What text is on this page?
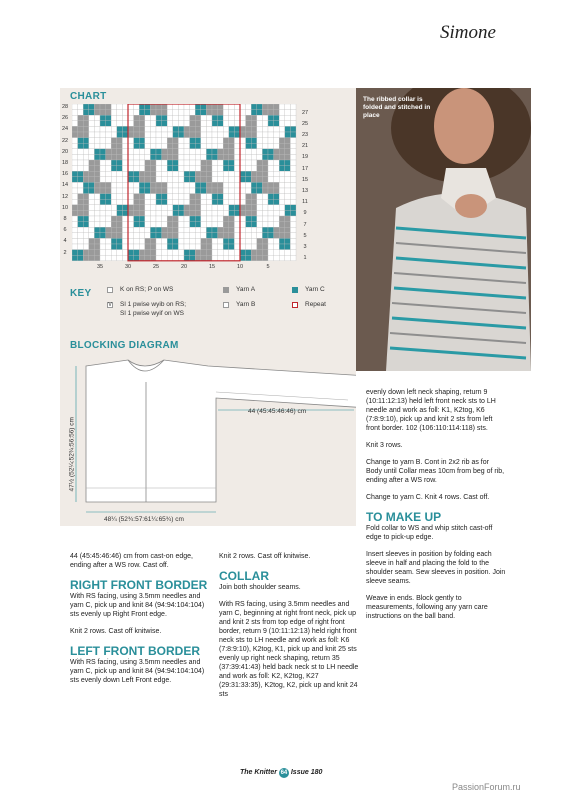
Simone
CHART
28
26
24
22
20
18
16
14
12
10
8
6
4
2
27
25
23
21
19
17
15
13
11
9
7
5
3
1
35	30	25	20	15	10	5
KEY	K on RS; P on WS
V Sl 1 pwise wyib on RS;
Sl 1 pwise wyif on WS
Yarn A
Yarn B
Yarn C
Repeat
BLOCKING DIAGRAM
44 (45:45:46:46) cm
47½ (52¼:52¾:56:56) cm
48¼ (52¾:57:61¼:65¾) cm
The ribbed collar is folded and stitched in place

44 (45:45:46:46) cm from cast-on edge, ending after a WS row. Cast off.

RIGHT FRONT BORDER

With RS facing, using 3.5mm needles and yarn C, pick up and knit 84 (94:94:104:104) sts evenly up Right Front edge.

Knit 2 rows. Cast off knitwise.

LEFT FRONT BORDER

With RS facing, using 3.5mm needles and yarn C, pick up and knit 84 (94:94:104:104) sts evenly down Left Front edge.

Knit 2 rows. Cast off knitwise.

COLLAR

Join both shoulder seams.

With RS facing, using 3.5mm needles and yarn C, beginning at right front neck, pick up and knit 2 sts from top edge of right front border, return 9 (10:11:12:13) held right front neck sts to LH needle and work as foll: K6 (7:8:9:10), K2tog, K1, pick up and knit 25 sts evenly up right neck shaping, return 35 (37:39:41:43) held back neck st to LH needle and work as foll: K2, K2tog, K27 (29:31:33:35), K2tog, K2, pick up and knit 24 sts

evenly down left neck shaping, return 9 (10:11:12:13) held left front neck sts to LH needle and work as foll: K1, K2tog, K6 (7:8:9:10), pick up and knit 2 sts from left front border. 102 (106:110:114:118) sts.

Knit 3 rows.

Change to yarn B. Cont in 2x2 rib as for Body until Collar meas 10cm from beg of rib, ending after a WS row.

Change to yarn C. Knit 4 rows. Cast off.

TO MAKE UP

Fold collar to WS and whip stitch cast-off edge to pick-up edge.

Insert sleeves in position by folding each sleeve in half and placing the fold to the shoulder seam. Sew sleeves in position. Join sleeve seams.

Weave in ends. Block gently to measurements, following any yarn care instructions on the ball band.

The Knitter 64 Issue 180
PassionForum.ru
